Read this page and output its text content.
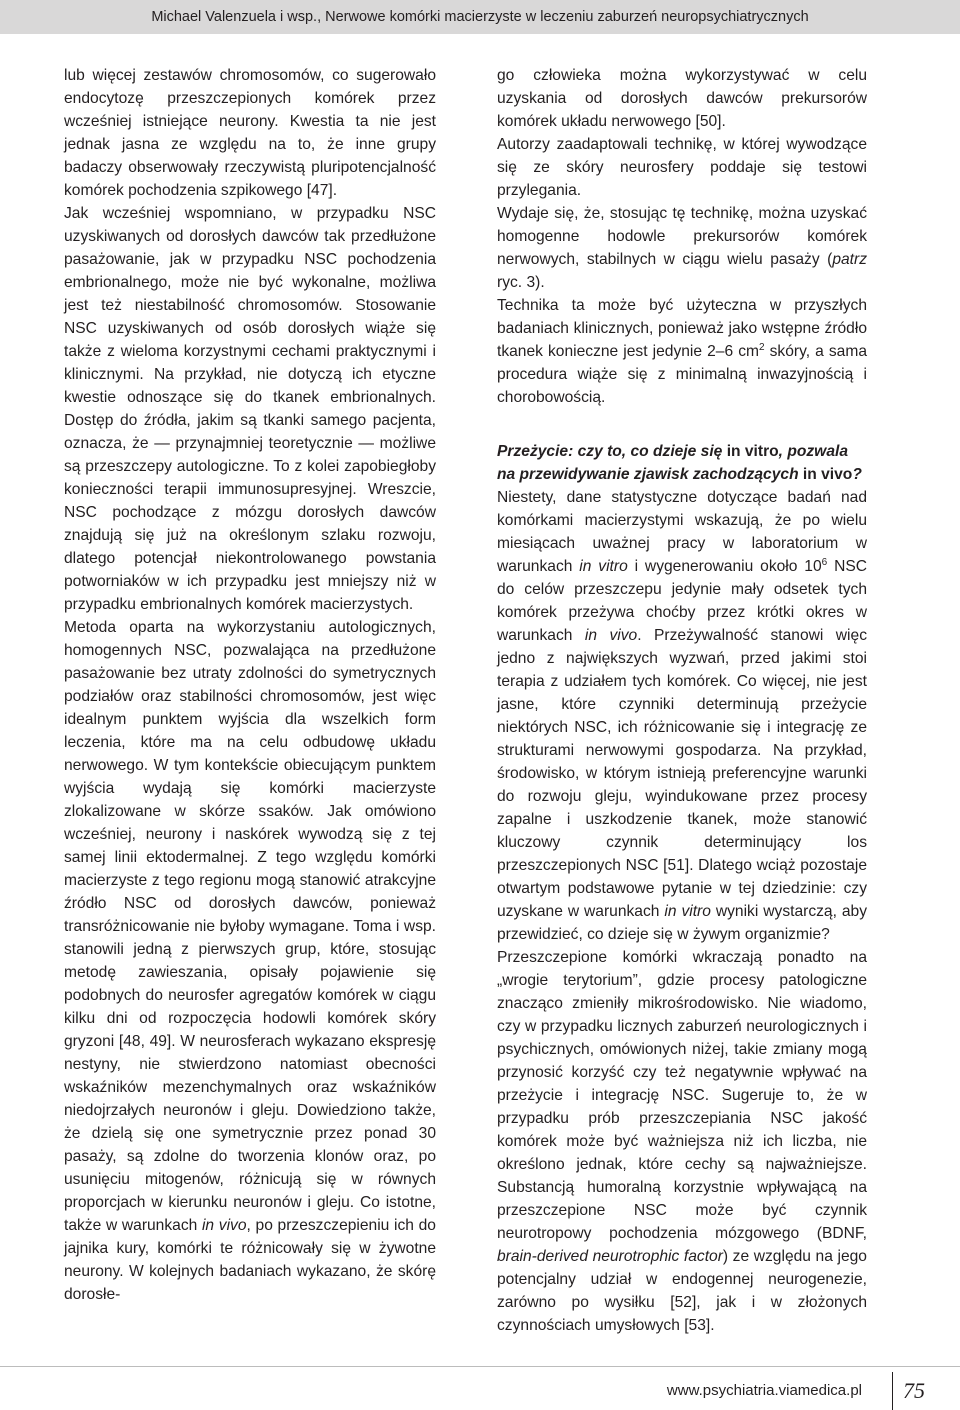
Michael Valenzuela i wsp. ,
Nerwowe komórki macierzyste w leczeniu zaburzeń neuropsychiatrycznych

lub więcej zestawów chromosomów, co sugerowało endocytozę przeszczepionych komórek przez wcześniej istniejące neurony. Kwestia ta nie jest jednak jasna ze względu na to, że inne grupy badaczy obserwowały rzeczywistą pluripotencjalność komórek pochodzenia szpikowego [47].

Jak wcześniej wspomniano, w przypadku NSC uzyskiwanych od dorosłych dawców tak przedłużone pasażowanie, jak w przypadku NSC pochodzenia embrionalnego, może nie być wykonalne, możliwa jest też niestabilność chromosomów. Stosowanie NSC uzyskiwanych od osób dorosłych wiąże się także z wieloma korzystnymi cechami praktycznymi i klinicznymi. Na przykład, nie dotyczą ich etyczne kwestie odnoszące się do tkanek embrionalnych. Dostęp do źródła, jakim są tkanki samego pacjenta, oznacza, że — przynajmniej teoretycznie — możliwe są przeszczepy autologiczne. To z kolei zapobiegłoby konieczności terapii immunosupresyjnej. Wreszcie, NSC pochodzące z mózgu dorosłych dawców znajdują się już na określonym szlaku rozwoju, dlatego potencjał niekontrolowanego powstania potworniaków w ich przypadku jest mniejszy niż w przypadku embrionalnych komórek macierzystych.

Metoda oparta na wykorzystaniu autologicznych, homogennych NSC, pozwalająca na przedłużone pasażowanie bez utraty zdolności do symetrycznych podziałów oraz stabilności chromosomów, jest więc idealnym punktem wyjścia dla wszelkich form leczenia, które ma na celu odbudowę układu nerwowego. W tym kontekście obiecującym punktem wyjścia wydają się komórki macierzyste zlokalizowane w skórze ssaków. Jak omówiono wcześniej, neurony i naskórek wywodzą się z tej samej linii ektodermalnej. Z tego względu komórki macierzyste z tego regionu mogą stanowić atrakcyjne źródło NSC od dorosłych dawców, ponieważ transróżnicowanie nie byłoby wymagane. Toma i wsp. stanowili jedną z pierwszych grup, które, stosując metodę zawieszania, opisały pojawienie się podobnych do neurosfer agregatów komórek w ciągu kilku dni od rozpoczęcia hodowli komórek skóry gryzoni [48, 49]. W neurosferach wykazano ekspresję nestyny, nie stwierdzono natomiast obecności wskaźników mezenchymalnych oraz wskaźników niedojrzałych neuronów i gleju. Dowiedziono także, że dzielą się one symetrycznie przez ponad 30 pasaży, są zdolne do tworzenia klonów oraz, po usunięciu mitogenów, różnicują się w równych proporcjach w kierunku neuronów i gleju. Co istotne, także w warunkach in vivo, po przeszczepieniu ich do jajnika kury, komórki te różnicowały się w żywotne neurony. W kolejnych badaniach wykazano, że skórę dorosłe-

go człowieka można wykorzystywać w celu uzyskania od dorosłych dawców prekursorów komórek układu nerwowego [50].

Autorzy zaadaptowali technikę, w której wywodzące się ze skóry neurosfery poddaje się testowi przylegania.

Wydaje się, że, stosując tę technikę, można uzyskać homogenne hodowle prekursorów komórek nerwowych, stabilnych w ciągu wielu pasaży (patrz ryc. 3).

Technika ta może być użyteczna w przyszłych badaniach klinicznych, ponieważ jako wstępne źródło tkanek konieczne jest jedynie 2–6 $cm^2$ skóry, a sama procedura wiąże się z minimalną inwazyjnością i chorobowością.

Przeżycie: czy to, co dzieje się in vitro, pozwala na przewidywanie zjawisk zachodzących in vivo?

Niestety, dane statystyczne dotyczące badań nad komórkami macierzystymi wskazują, że po wielu miesiącach uważnej pracy w laboratorium w warunkach in vitro i wygenerowaniu około $10^6$ NSC do celów przeszczepu jedynie mały odsetek tych komórek przeżywa choćby przez krótki okres w warunkach in vivo. Przeżywalność stanowi więc jedno z największych wyzwań, przed jakimi stoi terapia z udziałem tych komórek. Co więcej, nie jest jasne, które czynniki determinują przeżycie niektórych NSC, ich różnicowanie się i integrację ze strukturami nerwowymi gospodarza. Na przykład, środowisko, w którym istnieją preferencyjne warunki do rozwoju gleju, wyindukowane przez procesy zapalne i uszkodzenie tkanek, może stanowić kluczowy czynnik determinujący los przeszczepionych NSC [51]. Dlatego wciąż pozostaje otwartym podstawowe pytanie w tej dziedzinie: czy uzyskane w warunkach in vitro wyniki wystarczą, aby przewidzieć, co dzieje się w żywym organizmie?

Przeszczepione komórki wkraczają ponadto na „wrogie terytorium”, gdzie procesy patologiczne znacząco zmieniły mikrośrodowisko. Nie wiadomo, czy w przypadku licznych zaburzeń neurologicznych i psychicznych, omówionych niżej, takie zmiany mogą przynosić korzyść czy też negatywnie wpływać na przeżycie i integrację NSC. Sugeruje to, że w przypadku prób przeszczepiania NSC jakość komórek może być ważniejsza niż ich liczba, nie określono jednak, które cechy są najważniejsze. Substancją humoralną korzystnie wpływającą na przeszczepione NSC może być czynnik neurotropowy pochodzenia mózgowego (BDNF, brain-derived neurotrophic factor) ze względu na jego potencjalny udział w endogennej neurogenezie, zarówno po wysiłku [52], jak i w złożonych czynnościach umysłowych [53].

www.psychiatria.viamedica.pl 75
